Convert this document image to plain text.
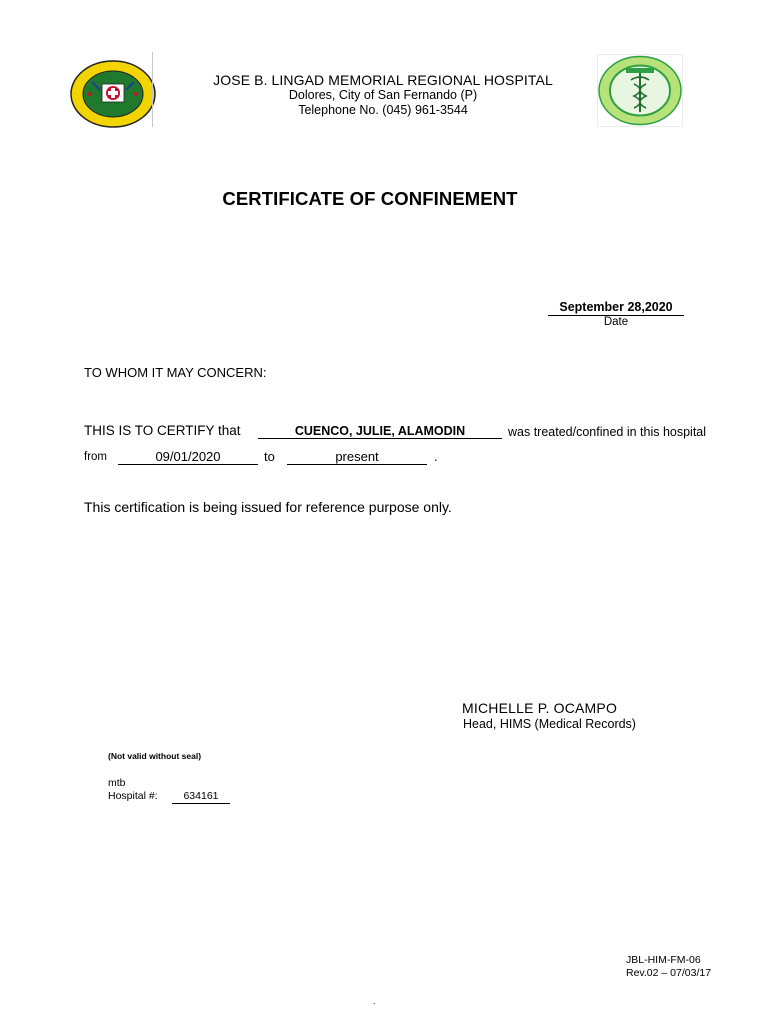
JOSE B. LINGAD MEMORIAL REGIONAL HOSPITAL
Dolores, City of San Fernando (P)
Telephone No. (045) 961-3544
CERTIFICATE OF CONFINEMENT
September 28,2020
Date
TO WHOM IT MAY CONCERN:
THIS IS TO CERTIFY that	CUENCO, JULIE, ALAMODIN	was treated/confined in this hospital
from	09/01/2020	to	present	.
This certification is being issued for reference purpose only.
MICHELLE P. OCAMPO
Head, HIMS (Medical Records)
(Not valid without seal)
mtb
Hospital #:	634161
JBL-HIM-FM-06
Rev.02 – 07/03/17
.
